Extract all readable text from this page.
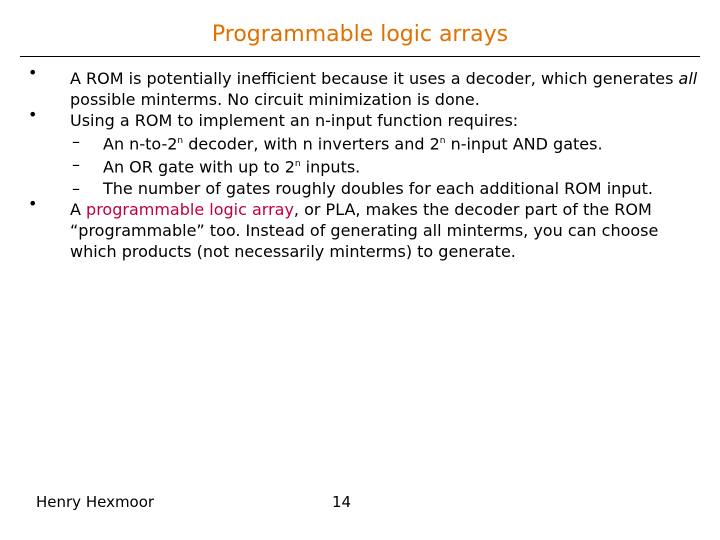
Programmable logic arrays
• A ROM is potentially inefficient because it uses a decoder, which generates all possible minterms. No circuit minimization is done.
• Using a ROM to implement an n-input function requires:
– An n-to-2$^n$ decoder, with n inverters and 2$^n$ n-input AND gates.
– An OR gate with up to 2$^n$ inputs.
– The number of gates roughly doubles for each additional ROM input.
• A programmable logic array, or PLA, makes the decoder part of the ROM “programmable” too. Instead of generating all minterms, you can choose which products (not necessarily minterms) to generate.
Henry Hexmoor	14
